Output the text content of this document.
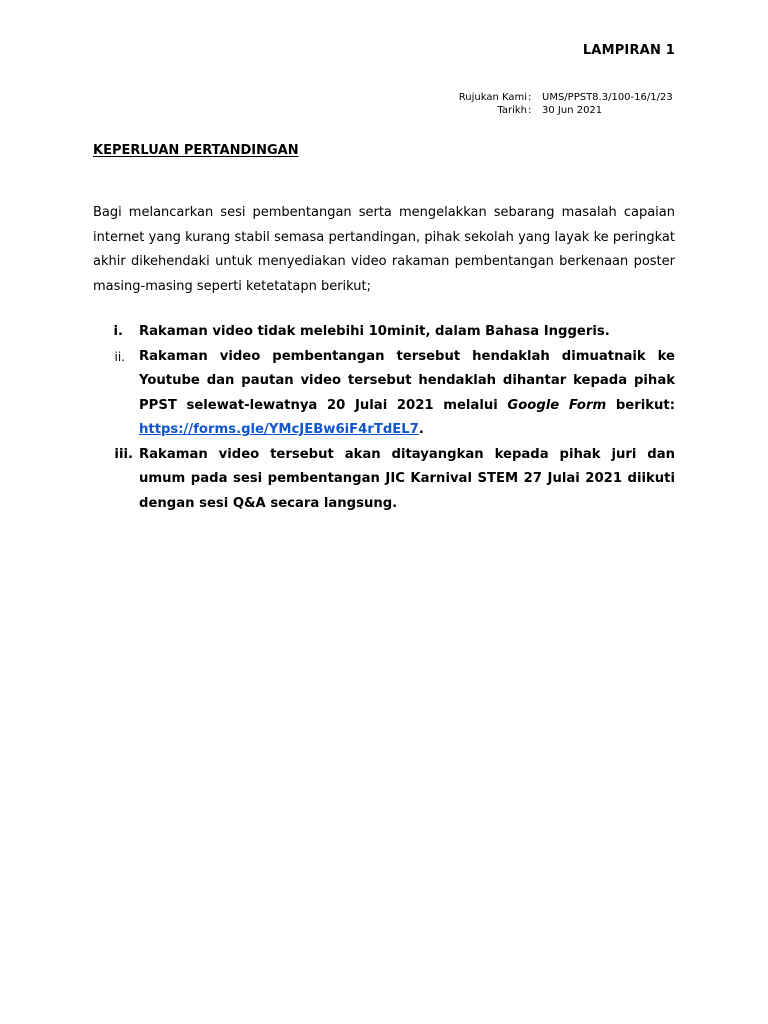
LAMPIRAN 1
Rujukan Kami :	UMS/PPST8.3/100-16/1/23
Tarikh :	30 Jun 2021
KEPERLUAN PERTANDINGAN
Bagi melancarkan sesi pembentangan serta mengelakkan sebarang masalah capaian internet yang kurang stabil semasa pertandingan, pihak sekolah yang layak ke peringkat akhir dikehendaki untuk menyediakan video rakaman pembentangan berkenaan poster masing-masing seperti ketetatapn berikut;
i.	Rakaman video tidak melebihi 10minit, dalam Bahasa Inggeris.
ii.	Rakaman video pembentangan tersebut hendaklah dimuatnaik ke Youtube dan pautan video tersebut hendaklah dihantar kepada pihak PPST selewat-lewatnya 20 Julai 2021 melalui Google Form berikut: https://forms.gle/YMcJEBw6iF4rTdEL7.
iii. Rakaman video tersebut akan ditayangkan kepada pihak juri dan umum pada sesi pembentangan JIC Karnival STEM 27 Julai 2021 diikuti dengan sesi Q&A secara langsung.
